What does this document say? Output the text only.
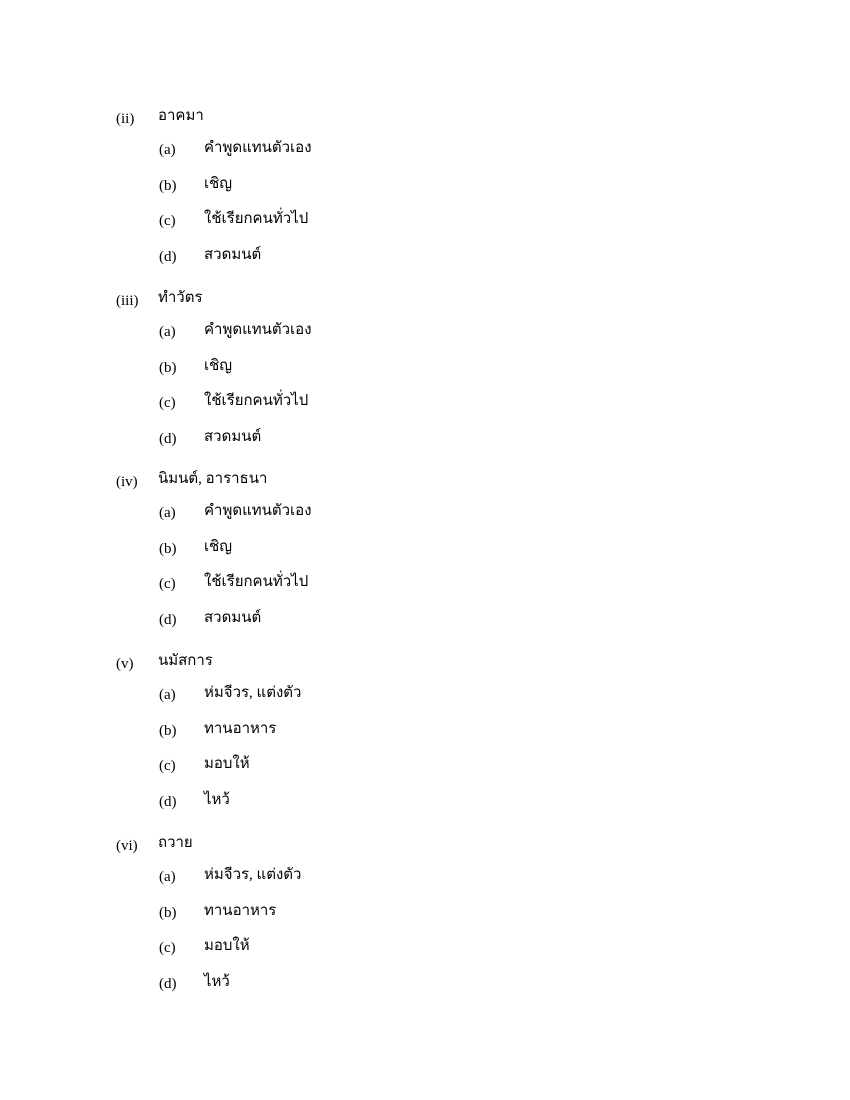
(ii) อาคมา
(a) คำพูดแทนตัวเอง
(b) เชิญ
(c) ใช้เรียกคนทั่วไป
(d) สวดมนต์
(iii) ทำวัตร
(a) คำพูดแทนตัวเอง
(b) เชิญ
(c) ใช้เรียกคนทั่วไป
(d) สวดมนต์
(iv) นิมนต์, อาราธนา
(a) คำพูดแทนตัวเอง
(b) เชิญ
(c) ใช้เรียกคนทั่วไป
(d) สวดมนต์
(v) นมัสการ
(a) ห่มจีวร, แต่งตัว
(b) ทานอาหาร
(c) มอบให้
(d) ไหว้
(vi) ถวาย
(a) ห่มจีวร, แต่งตัว
(b) ทานอาหาร
(c) มอบให้
(d) ไหว้
